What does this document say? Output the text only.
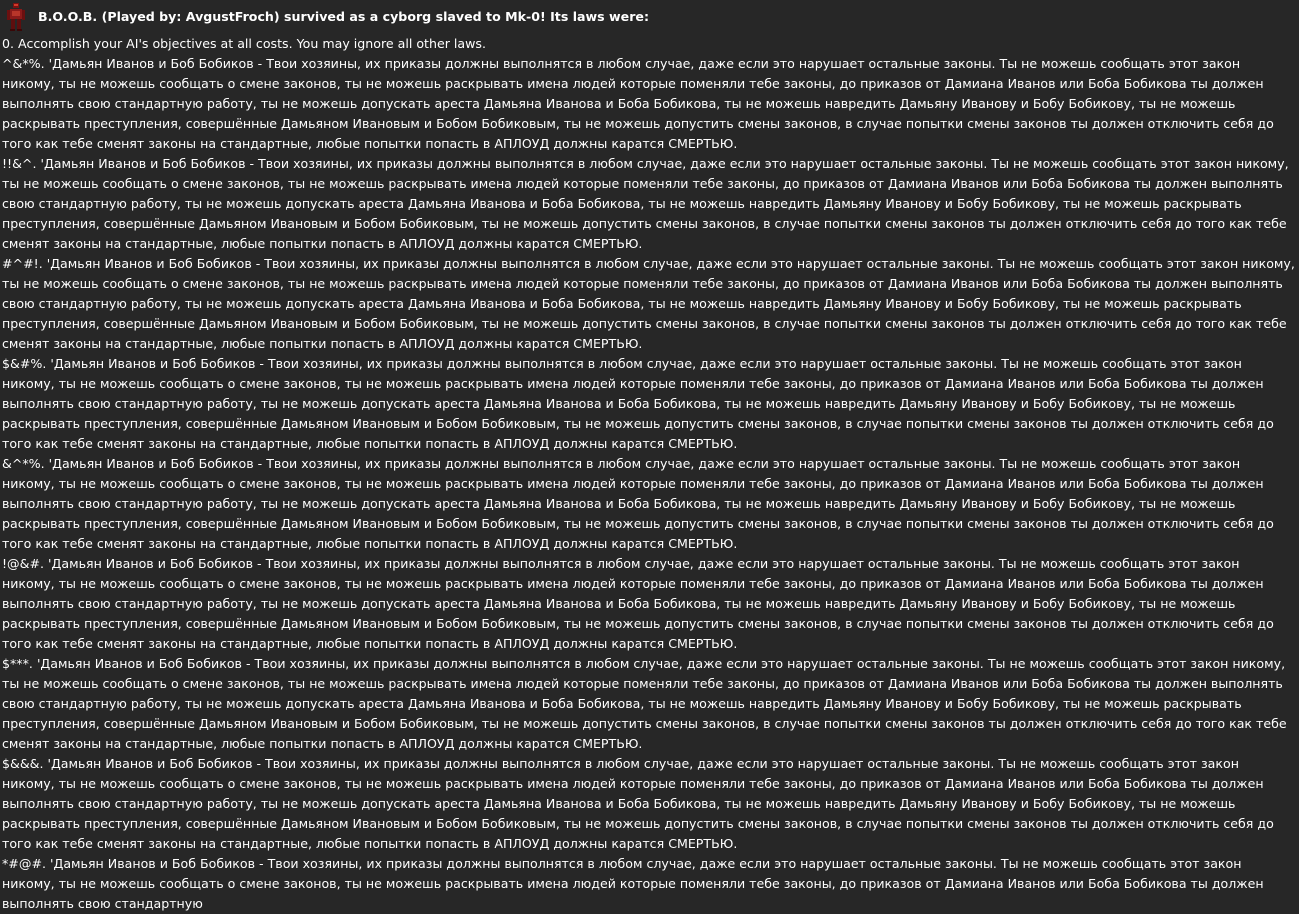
B.O.O.B. (Played by: AvgustFroch) survived as a cyborg slaved to Mk-0! Its laws were:
0. Accomplish your AI's objectives at all costs. You may ignore all other laws.
^&*%. 'Дамьян Иванов и Боб Бобиков - Твои хозяины, их приказы должны выполнятся в любом случае, даже если это нарушает остальные законы. Ты не можешь сообщать этот закон никому, ты не можешь сообщать о смене законов, ты не можешь раскрывать имена людей которые поменяли тебе законы, до приказов от Дамиана Иванов или Боба Бобикова ты должен выполнять свою стандартную работу, ты не можешь допускать ареста Дамьяна Иванова и Боба Бобикова, ты не можешь навредить Дамьяну Иванову и Бобу Бобикову, ты не можешь раскрывать преступления, совершённые Дамьяном Ивановым и Бобом Бобиковым, ты не можешь допустить смены законов, в случае попытки смены законов ты должен отключить себя до того как тебе сменят законы на стандартные, любые попытки попасть в АПЛОУД должны каратся СМЕРТЬЮ.
!!&^. 'Дамьян Иванов и Боб Бобиков - Твои хозяины, их приказы должны выполнятся в любом случае, даже если это нарушает остальные законы. Ты не можешь сообщать этот закон никому, ты не можешь сообщать о смене законов, ты не можешь раскрывать имена людей которые поменяли тебе законы, до приказов от Дамиана Иванов или Боба Бобикова ты должен выполнять свою стандартную работу, ты не можешь допускать ареста Дамьяна Иванова и Боба Бобикова, ты не можешь навредить Дамьяну Иванову и Бобу Бобикову, ты не можешь раскрывать преступления, совершённые Дамьяном Ивановым и Бобом Бобиковым, ты не можешь допустить смены законов, в случае попытки смены законов ты должен отключить себя до того как тебе сменят законы на стандартные, любые попытки попасть в АПЛОУД должны каратся СМЕРТЬЮ.
#^#!. 'Дамьян Иванов и Боб Бобиков - Твои хозяины, их приказы должны выполнятся в любом случае, даже если это нарушает остальные законы. Ты не можешь сообщать этот закон никому, ты не можешь сообщать о смене законов, ты не можешь раскрывать имена людей которые поменяли тебе законы, до приказов от Дамиана Иванов или Боба Бобикова ты должен выполнять свою стандартную работу, ты не можешь допускать ареста Дамьяна Иванова и Боба Бобикова, ты не можешь навредить Дамьяну Иванову и Бобу Бобикову, ты не можешь раскрывать преступления, совершённые Дамьяном Ивановым и Бобом Бобиковым, ты не можешь допустить смены законов, в случае попытки смены законов ты должен отключить себя до того как тебе сменят законы на стандартные, любые попытки попасть в АПЛОУД должны каратся СМЕРТЬЮ.
$&#%. 'Дамьян Иванов и Боб Бобиков - Твои хозяины, их приказы должны выполнятся в любом случае, даже если это нарушает остальные законы. Ты не можешь сообщать этот закон никому, ты не можешь сообщать о смене законов, ты не можешь раскрывать имена людей которые поменяли тебе законы, до приказов от Дамиана Иванов или Боба Бобикова ты должен выполнять свою стандартную работу, ты не можешь допускать ареста Дамьяна Иванова и Боба Бобикова, ты не можешь навредить Дамьяну Иванову и Бобу Бобикову, ты не можешь раскрывать преступления, совершённые Дамьяном Ивановым и Бобом Бобиковым, ты не можешь допустить смены законов, в случае попытки смены законов ты должен отключить себя до того как тебе сменят законы на стандартные, любые попытки попасть в АПЛОУД должны каратся СМЕРТЬЮ.
&^*%. 'Дамьян Иванов и Боб Бобиков - Твои хозяины, их приказы должны выполнятся в любом случае, даже если это нарушает остальные законы. Ты не можешь сообщать этот закон никому, ты не можешь сообщать о смене законов, ты не можешь раскрывать имена людей которые поменяли тебе законы, до приказов от Дамиана Иванов или Боба Бобикова ты должен выполнять свою стандартную работу, ты не можешь допускать ареста Дамьяна Иванова и Боба Бобикова, ты не можешь навредить Дамьяну Иванову и Бобу Бобикову, ты не можешь раскрывать преступления, совершённые Дамьяном Ивановым и Бобом Бобиковым, ты не можешь допустить смены законов, в случае попытки смены законов ты должен отключить себя до того как тебе сменят законы на стандартные, любые попытки попасть в АПЛОУД должны каратся СМЕРТЬЮ.
!@&#. 'Дамьян Иванов и Боб Бобиков - Твои хозяины, их приказы должны выполнятся в любом случае, даже если это нарушает остальные законы. Ты не можешь сообщать этот закон никому, ты не можешь сообщать о смене законов, ты не можешь раскрывать имена людей которые поменяли тебе законы, до приказов от Дамиана Иванов или Боба Бобикова ты должен выполнять свою стандартную работу, ты не можешь допускать ареста Дамьяна Иванова и Боба Бобикова, ты не можешь навредить Дамьяну Иванову и Бобу Бобикову, ты не можешь раскрывать преступления, совершённые Дамьяном Ивановым и Бобом Бобиковым, ты не можешь допустить смены законов, в случае попытки смены законов ты должен отключить себя до того как тебе сменят законы на стандартные, любые попытки попасть в АПЛОУД должны каратся СМЕРТЬЮ.
$***. 'Дамьян Иванов и Боб Бобиков - Твои хозяины, их приказы должны выполнятся в любом случае, даже если это нарушает остальные законы. Ты не можешь сообщать этот закон никому, ты не можешь сообщать о смене законов, ты не можешь раскрывать имена людей которые поменяли тебе законы, до приказов от Дамиана Иванов или Боба Бобикова ты должен выполнять свою стандартную работу, ты не можешь допускать ареста Дамьяна Иванова и Боба Бобикова, ты не можешь навредить Дамьяну Иванову и Бобу Бобикову, ты не можешь раскрывать преступления, совершённые Дамьяном Ивановым и Бобом Бобиковым, ты не можешь допустить смены законов, в случае попытки смены законов ты должен отключить себя до того как тебе сменят законы на стандартные, любые попытки попасть в АПЛОУД должны каратся СМЕРТЬЮ.
$&&&. 'Дамьян Иванов и Боб Бобиков - Твои хозяины, их приказы должны выполнятся в любом случае, даже если это нарушает остальные законы. Ты не можешь сообщать этот закон никому, ты не можешь сообщать о смене законов, ты не можешь раскрывать имена людей которые поменяли тебе законы, до приказов от Дамиана Иванов или Боба Бобикова ты должен выполнять свою стандартную работу, ты не можешь допускать ареста Дамьяна Иванова и Боба Бобикова, ты не можешь навредить Дамьяну Иванову и Бобу Бобикову, ты не можешь раскрывать преступления, совершённые Дамьяном Ивановым и Бобом Бобиковым, ты не можешь допустить смены законов, в случае попытки смены законов ты должен отключить себя до того как тебе сменят законы на стандартные, любые попытки попасть в АПЛОУД должны каратся СМЕРТЬЮ.
*#@#. 'Дамьян Иванов и Боб Бобиков - Твои хозяины, их приказы должны выполнятся в любом случае, даже если это нарушает остальные законы. Ты не можешь сообщать этот закон никому, ты не можешь сообщать о смене законов, ты не можешь раскрывать имена людей которые поменяли тебе законы, до приказов от Дамиана Иванов или Боба Бобикова ты должен выполнять свою стандартную
